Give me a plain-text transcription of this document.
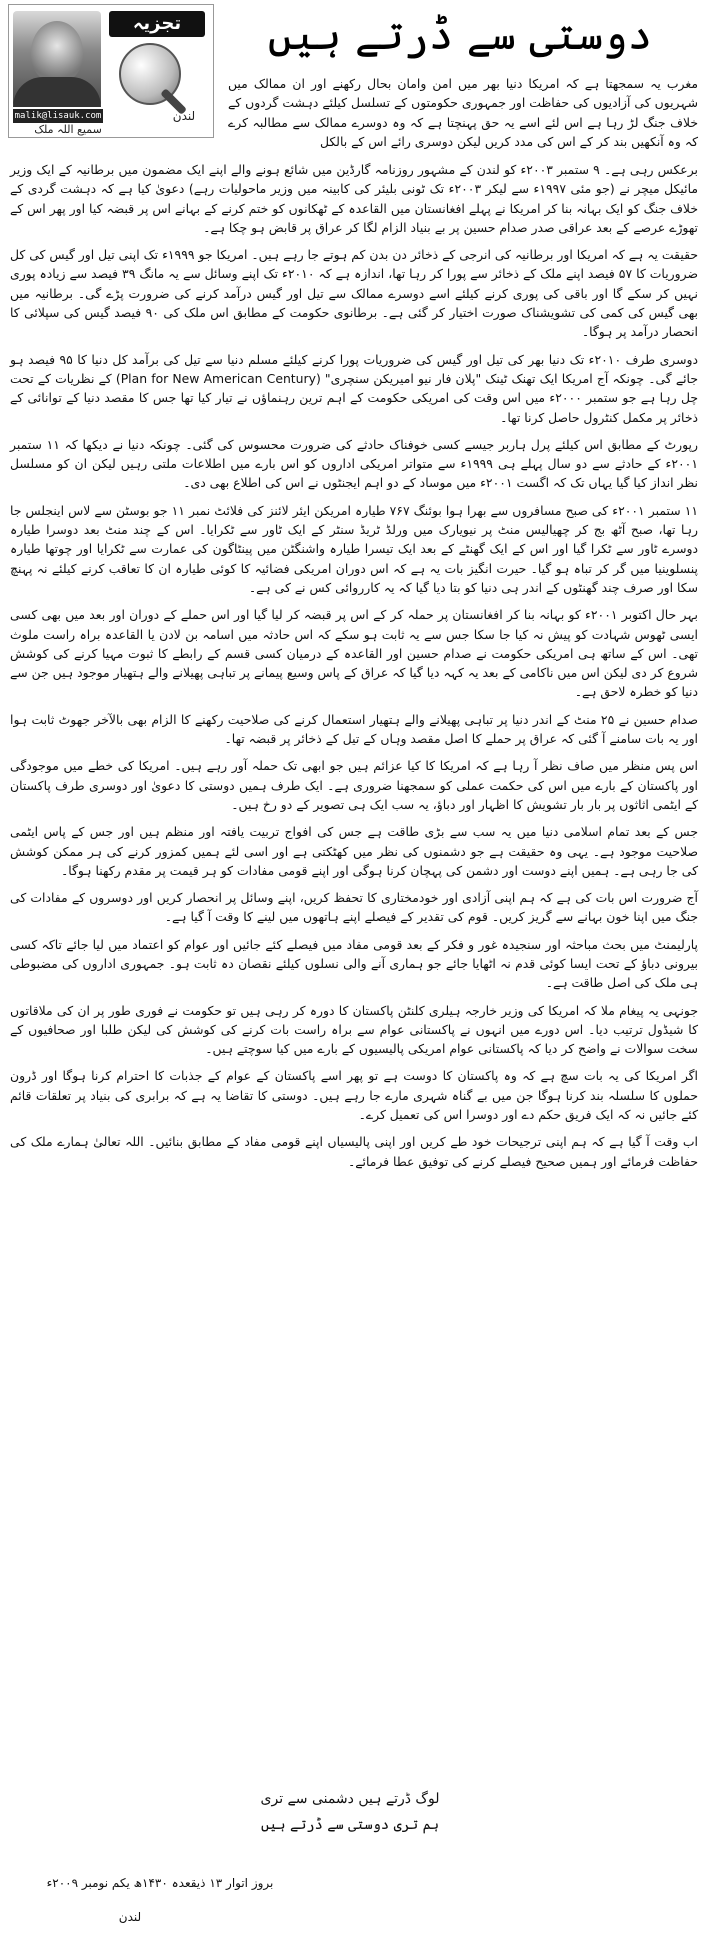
تجزیہ
malik@lisauk.com
سمیع اللہ ملک
لندن
دوستی سے ڈرتے ہیں

مغرب یہ سمجھتا ہے کہ امریکا دنیا بھر میں امن وامان بحال رکھنے اور ان ممالک میں شہریوں کی آزادیوں کی حفاظت اور جمہوری حکومتوں کے تسلسل کیلئے دہشت گردوں کے خلاف جنگ لڑ رہا ہے اس لئے اسے یہ حق پہنچتا ہے کہ وہ دوسرے ممالک سے مطالبہ کرے کہ وہ آنکھیں بند کر کے اس کی مدد کریں لیکن دوسری رائے اس کے بالکل

برعکس رہی ہے۔ ۹ ستمبر ۲۰۰۳ء کو لندن کے مشہور روزنامہ گارڈین میں شائع ہونے والے اپنے ایک مضمون میں برطانیہ کے ایک وزیر مائیکل میچر نے (جو مئی ۱۹۹۷ء سے لیکر ۲۰۰۳ء تک ٹونی بلیئر کی کابینہ میں وزیر ماحولیات رہے) دعویٰ کیا ہے کہ دہشت گردی کے خلاف جنگ کو ایک بہانہ بنا کر امریکا نے پہلے افغانستان میں القاعدہ کے ٹھکانوں کو ختم کرنے کے بہانے اس پر قبضہ کیا اور پھر اس کے تھوڑے عرصے کے بعد عراقی صدر صدام حسین پر بے بنیاد الزام لگا کر عراق پر قابض ہو چکا ہے۔

حقیقت یہ ہے کہ امریکا اور برطانیہ کی انرجی کے ذخائر دن بدن کم ہوتے جا رہے ہیں۔ امریکا جو ۱۹۹۹ء تک اپنی تیل اور گیس کی کل ضروریات کا ۵۷ فیصد اپنے ملک کے ذخائر سے پورا کر رہا تھا، اندازہ ہے کہ ۲۰۱۰ء تک اپنے وسائل سے یہ مانگ ۳۹ فیصد سے زیادہ پوری نہیں کر سکے گا اور باقی کی پوری کرنے کیلئے اسے دوسرے ممالک سے تیل اور گیس درآمد کرنے کی ضرورت پڑے گی۔ برطانیہ میں بھی گیس کی کمی کی تشویشناک صورت اختیار کر گئی ہے۔ برطانوی حکومت کے مطابق اس ملک کی ۹۰ فیصد گیس کی سپلائی کا انحصار درآمد پر ہوگا۔

دوسری طرف ۲۰۱۰ء تک دنیا بھر کی تیل اور گیس کی ضروریات پورا کرنے کیلئے مسلم دنیا سے تیل کی برآمد کل دنیا کا ۹۵ فیصد ہو جائے گی۔ چونکہ آج امریکا ایک تھنک ٹینک "پلان فار نیو امیریکن سنچری" (Plan for New American Century) کے نظریات کے تحت چل رہا ہے جو ستمبر ۲۰۰۰ء میں اس وقت کی امریکی حکومت کے اہم ترین رہنماؤں نے تیار کیا تھا جس کا مقصد دنیا کے توانائی کے ذخائر پر مکمل کنٹرول حاصل کرنا تھا۔

رپورٹ کے مطابق اس کیلئے پرل ہاربر جیسے کسی خوفناک حادثے کی ضرورت محسوس کی گئی۔ چونکہ دنیا نے دیکھا کہ ۱۱ ستمبر ۲۰۰۱ء کے حادثے سے دو سال پہلے ہی ۱۹۹۹ء سے متواتر امریکی اداروں کو اس بارے میں اطلاعات ملتی رہیں لیکن ان کو مسلسل نظر انداز کیا گیا یہاں تک کہ اگست ۲۰۰۱ء میں موساد کے دو اہم ایجنٹوں نے اس کی اطلاع بھی دی۔

۱۱ ستمبر ۲۰۰۱ء کی صبح مسافروں سے بھرا ہوا بوئنگ ۷۶۷ طیارہ امریکن ایئر لائنز کی فلائٹ نمبر ۱۱ جو بوسٹن سے لاس اینجلس جا رہا تھا، صبح آٹھ بج کر چھیالیس منٹ پر نیویارک میں ورلڈ ٹریڈ سنٹر کے ایک ٹاور سے ٹکرایا۔ اس کے چند منٹ بعد دوسرا طیارہ دوسرے ٹاور سے ٹکرا گیا اور اس کے ایک گھنٹے کے بعد ایک تیسرا طیارہ واشنگٹن میں پینٹاگون کی عمارت سے ٹکرایا اور چوتھا طیارہ پنسلوینیا میں گر کر تباہ ہو گیا۔ حیرت انگیز بات یہ ہے کہ اس دوران امریکی فضائیہ کا کوئی طیارہ ان کا تعاقب کرنے کیلئے نہ پہنچ سکا اور صرف چند گھنٹوں کے اندر ہی دنیا کو بتا دیا گیا کہ یہ کارروائی کس نے کی ہے۔

بہر حال اکتوبر ۲۰۰۱ء کو بہانہ بنا کر افغانستان پر حملہ کر کے اس پر قبضہ کر لیا گیا اور اس حملے کے دوران اور بعد میں بھی کسی ایسی ٹھوس شہادت کو پیش نہ کیا جا سکا جس سے یہ ثابت ہو سکے کہ اس حادثہ میں اسامہ بن لادن یا القاعدہ براہ راست ملوث تھی۔ اس کے ساتھ ہی امریکی حکومت نے صدام حسین اور القاعدہ کے درمیان کسی قسم کے رابطے کا ثبوت مہیا کرنے کی کوشش شروع کر دی لیکن اس میں ناکامی کے بعد یہ کہہ دیا گیا کہ عراق کے پاس وسیع پیمانے پر تباہی پھیلانے والے ہتھیار موجود ہیں جن سے دنیا کو خطرہ لاحق ہے۔

صدام حسین نے ۲۵ منٹ کے اندر دنیا پر تباہی پھیلانے والے ہتھیار استعمال کرنے کی صلاحیت رکھنے کا الزام بھی بالآخر جھوٹ ثابت ہوا اور یہ بات سامنے آ گئی کہ عراق پر حملے کا اصل مقصد وہاں کے تیل کے ذخائر پر قبضہ تھا۔

اس پس منظر میں صاف نظر آ رہا ہے کہ امریکا کا کیا عزائم ہیں جو ابھی تک حملہ آور رہے ہیں۔ امریکا کی خطے میں موجودگی اور پاکستان کے بارے میں اس کی حکمت عملی کو سمجھنا ضروری ہے۔ ایک طرف ہمیں دوستی کا دعویٰ اور دوسری طرف پاکستان کے ایٹمی اثاثوں پر بار بار تشویش کا اظہار اور دباؤ، یہ سب ایک ہی تصویر کے دو رخ ہیں۔

جس کے بعد تمام اسلامی دنیا میں یہ سب سے بڑی طاقت ہے جس کی افواج تربیت یافتہ اور منظم ہیں اور جس کے پاس ایٹمی صلاحیت موجود ہے۔ یہی وہ حقیقت ہے جو دشمنوں کی نظر میں کھٹکتی ہے اور اسی لئے ہمیں کمزور کرنے کی ہر ممکن کوشش کی جا رہی ہے۔ ہمیں اپنے دوست اور دشمن کی پہچان کرنا ہوگی اور اپنے قومی مفادات کو ہر قیمت پر مقدم رکھنا ہوگا۔

آج ضرورت اس بات کی ہے کہ ہم اپنی آزادی اور خودمختاری کا تحفظ کریں، اپنے وسائل پر انحصار کریں اور دوسروں کے مفادات کی جنگ میں اپنا خون بہانے سے گریز کریں۔ قوم کی تقدیر کے فیصلے اپنے ہاتھوں میں لینے کا وقت آ گیا ہے۔

پارلیمنٹ میں بحث مباحثہ اور سنجیدہ غور و فکر کے بعد قومی مفاد میں فیصلے کئے جائیں اور عوام کو اعتماد میں لیا جائے تاکہ کسی بیرونی دباؤ کے تحت ایسا کوئی قدم نہ اٹھایا جائے جو ہماری آنے والی نسلوں کیلئے نقصان دہ ثابت ہو۔ جمہوری اداروں کی مضبوطی ہی ملک کی اصل طاقت ہے۔

جونہی یہ پیغام ملا کہ امریکا کی وزیر خارجہ ہیلری کلنٹن پاکستان کا دورہ کر رہی ہیں تو حکومت نے فوری طور پر ان کی ملاقاتوں کا شیڈول ترتیب دیا۔ اس دورے میں انہوں نے پاکستانی عوام سے براہ راست بات کرنے کی کوشش کی لیکن طلبا اور صحافیوں کے سخت سوالات نے واضح کر دیا کہ پاکستانی عوام امریکی پالیسیوں کے بارے میں کیا سوچتے ہیں۔

اگر امریکا کی یہ بات سچ ہے کہ وہ پاکستان کا دوست ہے تو پھر اسے پاکستان کے عوام کے جذبات کا احترام کرنا ہوگا اور ڈرون حملوں کا سلسلہ بند کرنا ہوگا جن میں بے گناہ شہری مارے جا رہے ہیں۔ دوستی کا تقاضا یہ ہے کہ برابری کی بنیاد پر تعلقات قائم کئے جائیں نہ کہ ایک فریق حکم دے اور دوسرا اس کی تعمیل کرے۔

اب وقت آ گیا ہے کہ ہم اپنی ترجیحات خود طے کریں اور اپنی پالیسیاں اپنے قومی مفاد کے مطابق بنائیں۔ اللہ تعالیٰ ہمارے ملک کی حفاظت فرمائے اور ہمیں صحیح فیصلے کرنے کی توفیق عطا فرمائے۔

لوگ ڈرتے ہیں دشمنی سے تری
ہم تری دوستی سے ڈرتے ہیں
بروز اتوار ۱۳ ذیقعدہ ۱۴۳۰ھ یکم نومبر ۲۰۰۹ء
لندن
